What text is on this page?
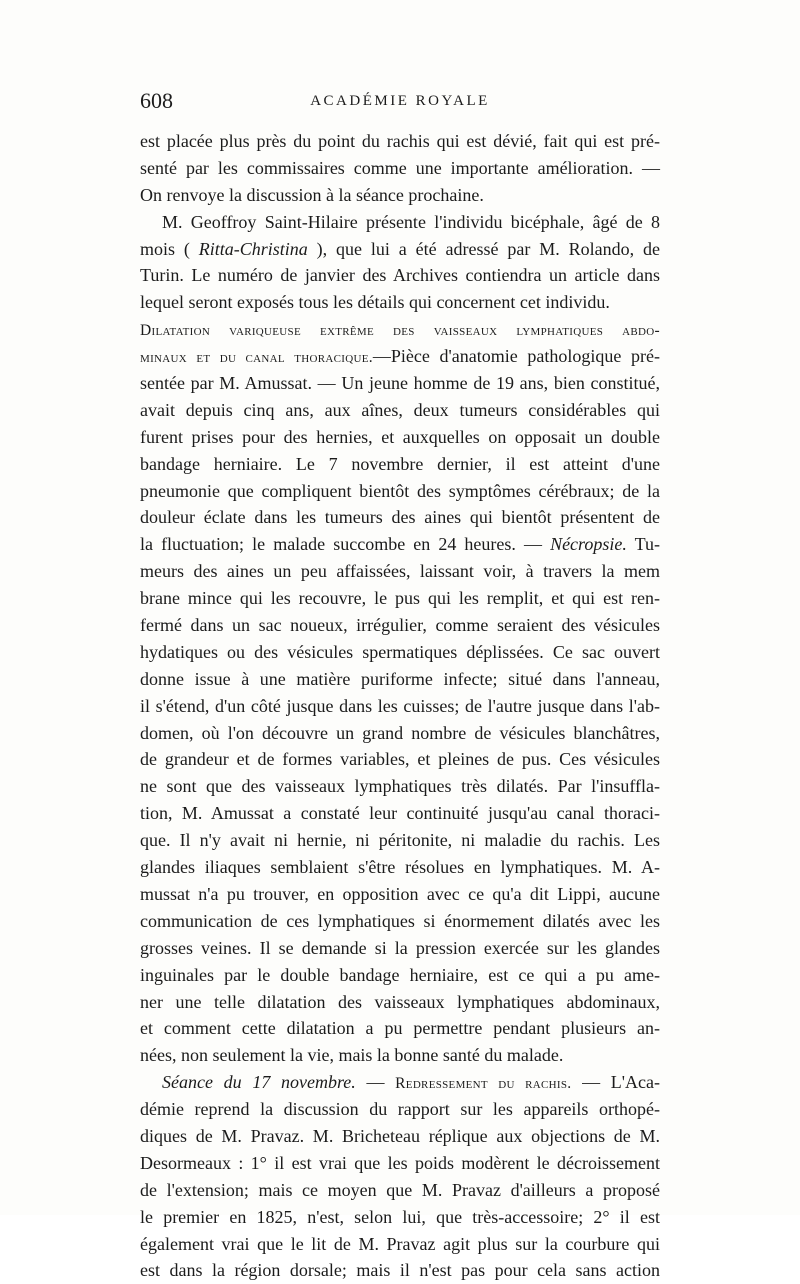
608	ACADÉMIE ROYALE
est placée plus près du point du rachis qui est dévié, fait qui est pré-
senté par les commissaires comme une importante amélioration. —
On renvoye la discussion à la séance prochaine.
M. Geoffroy Saint-Hilaire présente l'individu bicéphale, âgé de 8
mois ( Ritta-Christina ), que lui a été adressé par M. Rolando, de
Turin. Le numéro de janvier des Archives contiendra un article dans
lequel seront exposés tous les détails qui concernent cet individu.
Dilatation variqueuse extrême des vaisseaux lymphatiques abdo-
minaux et du canal thoracique.—Pièce d'anatomie pathologique pré-
sentée par M. Amussat. — Un jeune homme de 19 ans, bien constitué,
avait depuis cinq ans, aux aînes, deux tumeurs considérables qui
furent prises pour des hernies, et auxquelles on opposait un double
bandage herniaire. Le 7 novembre dernier, il est atteint d'une
pneumonie que compliquent bientôt des symptômes cérébraux; de la
douleur éclate dans les tumeurs des aines qui bientôt présentent de
la fluctuation; le malade succombe en 24 heures. — Nécropsie. Tu-
meurs des aines un peu affaissées, laissant voir, à travers la mem
brane mince qui les recouvre, le pus qui les remplit, et qui est ren-
fermé dans un sac noueux, irrégulier, comme seraient des vésicules
hydatiques ou des vésicules spermatiques déplissées. Ce sac ouvert
donne issue à une matière puriforme infecte; situé dans l'anneau,
il s'étend, d'un côté jusque dans les cuisses; de l'autre jusque dans l'ab-
domen, où l'on découvre un grand nombre de vésicules blanchâtres,
de grandeur et de formes variables, et pleines de pus. Ces vésicules
ne sont que des vaisseaux lymphatiques très dilatés. Par l'insuffla-
tion, M. Amussat a constaté leur continuité jusqu'au canal thoraci-
que. Il n'y avait ni hernie, ni péritonite, ni maladie du rachis. Les
glandes iliaques semblaient s'être résolues en lymphatiques. M. A-
mussat n'a pu trouver, en opposition avec ce qu'a dit Lippi, aucune
communication de ces lymphatiques si énormement dilatés avec les
grosses veines. Il se demande si la pression exercée sur les glandes
inguinales par le double bandage herniaire, est ce qui a pu ame-
ner une telle dilatation des vaisseaux lymphatiques abdominaux,
et comment cette dilatation a pu permettre pendant plusieurs an-
nées, non seulement la vie, mais la bonne santé du malade.
Séance du 17 novembre. — Redressement du rachis. — L'Aca-
démie reprend la discussion du rapport sur les appareils orthopé-
diques de M. Pravaz. M. Bricheteau réplique aux objections de M.
Desormeaux : 1° il est vrai que les poids modèrent le décroissement
de l'extension; mais ce moyen que M. Pravaz d'ailleurs a proposé
le premier en 1825, n'est, selon lui, que très-accessoire; 2° il est
également vrai que le lit de M. Pravaz agit plus sur la courbure qui
est dans la région dorsale; mais il n'est pas pour cela sans action
